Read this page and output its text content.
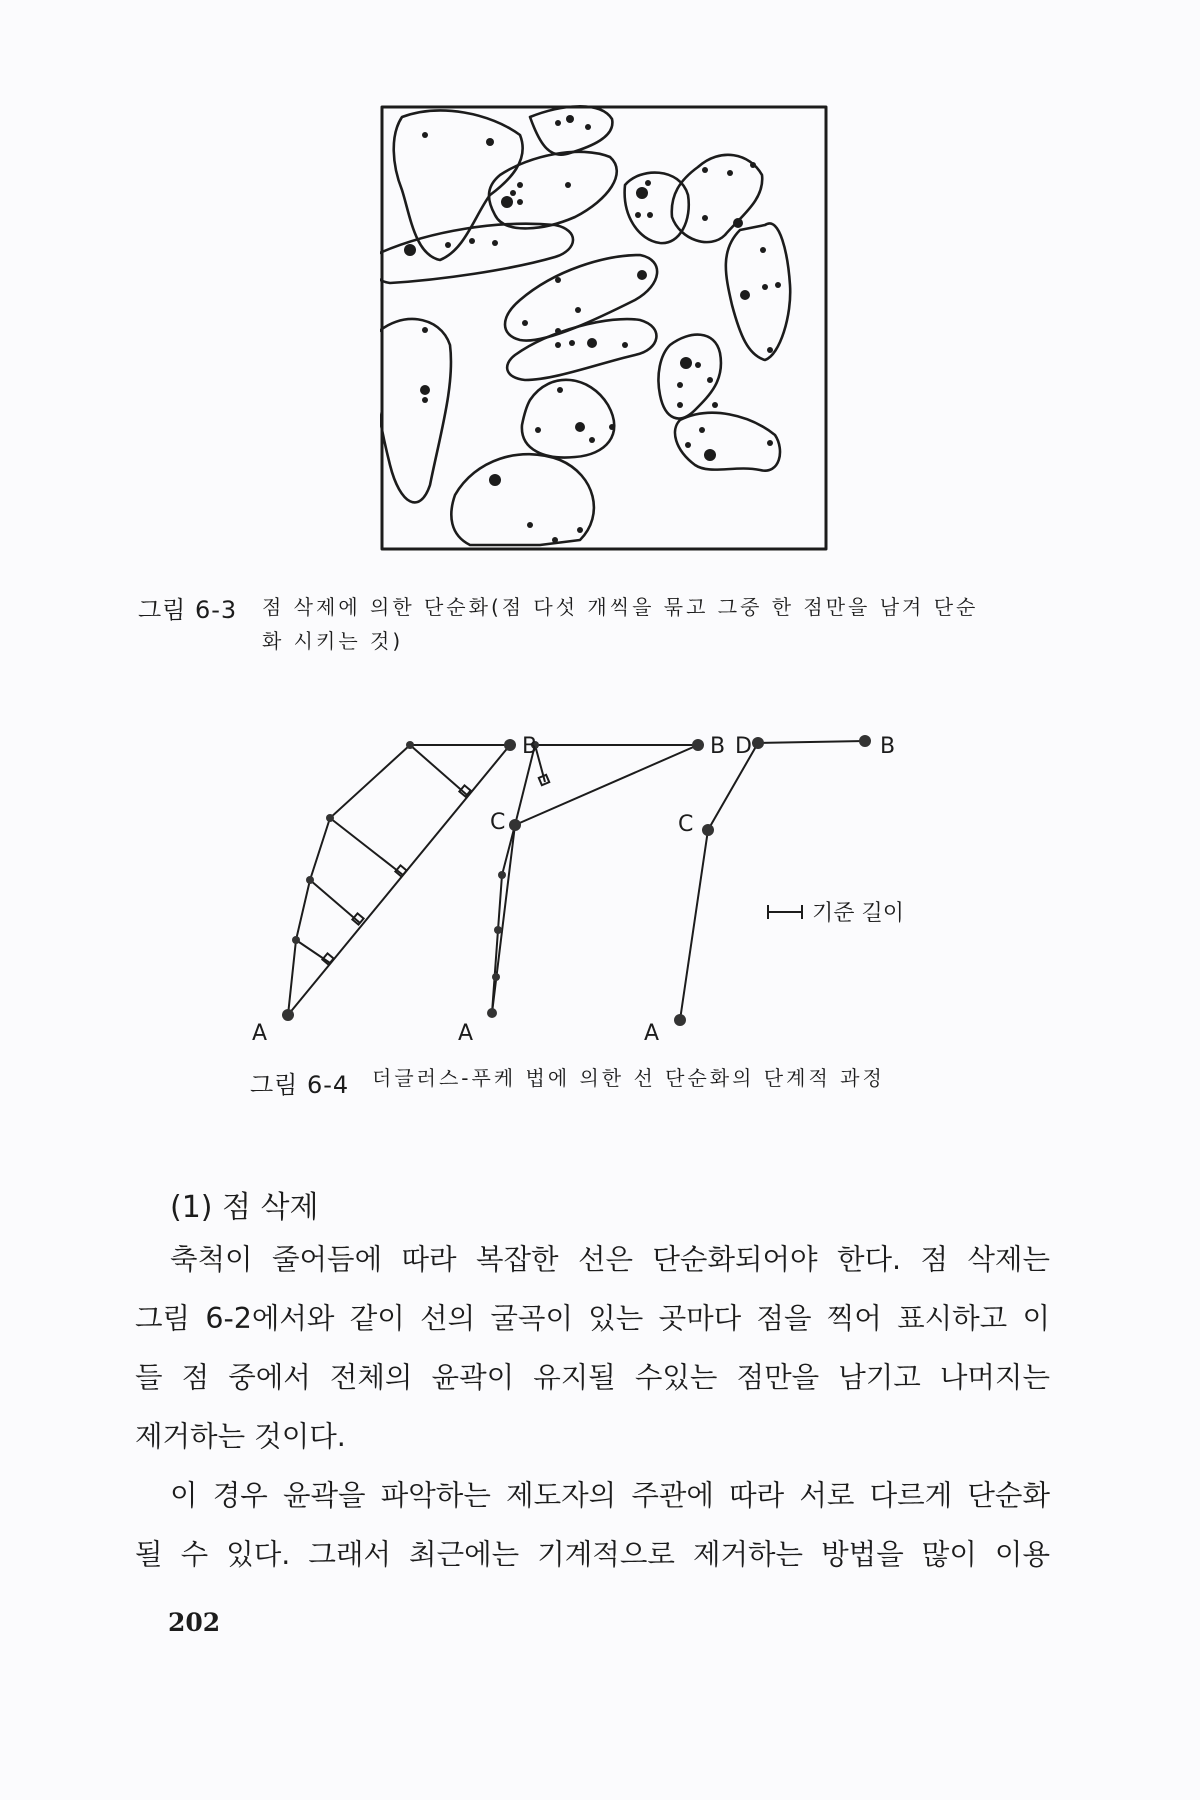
그림 6-3 점 삭제에 의한 단순화(점 다섯 개씩을 묶고 그중 한 점만을 남겨 단순
화 시키는 것)
A
B
A
B
C
A
D	B
C
기준 길이
그림 6-4 더글러스-푸케 법에 의한 선 단순화의 단계적 과정
(1) 점 삭제
축척이 줄어듬에 따라 복잡한 선은 단순화되어야 한다. 점 삭제는
그림 6-2에서와 같이 선의 굴곡이 있는 곳마다 점을 찍어 표시하고 이
들 점 중에서 전체의 윤곽이 유지될 수있는 점만을 남기고 나머지는
제거하는 것이다.
이 경우 윤곽을 파악하는 제도자의 주관에 따라 서로 다르게 단순화
될 수 있다. 그래서 최근에는 기계적으로 제거하는 방법을 많이 이용
202
